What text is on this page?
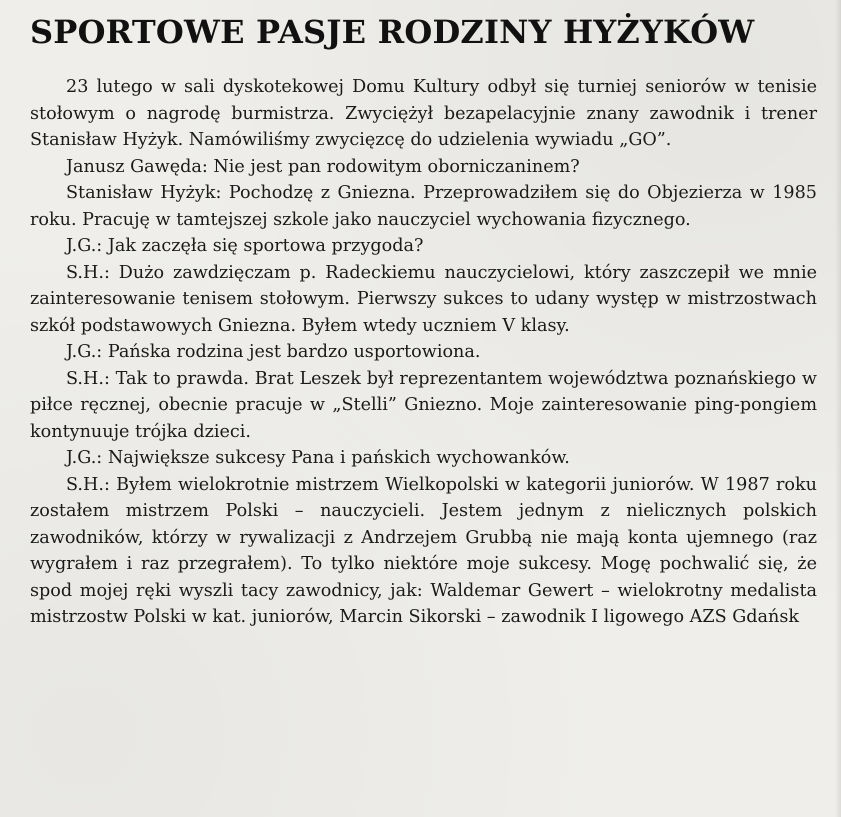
SPORTOWE PASJE RODZINY HYŻYKÓW

23 lutego w sali dyskotekowej Domu Kultury odbył się turniej seniorów w tenisie stołowym o nagrodę burmistrza. Zwyciężył bezapelacyjnie znany zawodnik i trener Stanisław Hyżyk. Namówiliśmy zwycięzcę do udzielenia wywiadu „GO”.

Janusz Gawęda: Nie jest pan rodowitym oborniczaninem?

Stanisław Hyżyk: Pochodzę z Gniezna. Przeprowadziłem się do Objezierza w 1985 roku. Pracuję w tamtejszej szkole jako nauczyciel wychowania fizycznego.

J.G.: Jak zaczęła się sportowa przygoda?

S.H.: Dużo zawdzięczam p. Radeckiemu nauczycielowi, który zaszczepił we mnie zainteresowanie tenisem stołowym. Pierwszy sukces to udany występ w mistrzostwach szkół podstawowych Gniezna. Byłem wtedy uczniem V klasy.

J.G.: Pańska rodzina jest bardzo usportowiona.

S.H.: Tak to prawda. Brat Leszek był reprezentantem województwa poznańskiego w piłce ręcznej, obecnie pracuje w „Stelli” Gniezno. Moje zainteresowanie ping-pongiem kontynuuje trójka dzieci.

J.G.: Największe sukcesy Pana i pańskich wychowanków.

S.H.: Byłem wielokrotnie mistrzem Wielkopolski w kategorii juniorów. W 1987 roku zostałem mistrzem Polski – nauczycieli. Jestem jednym z nielicznych polskich zawodników, którzy w rywalizacji z Andrzejem Grubbą nie mają konta ujemnego (raz wygrałem i raz przegrałem). To tylko niektóre moje sukcesy. Mogę pochwalić się, że spod mojej ręki wyszli tacy zawodnicy, jak: Waldemar Gewert – wielokrotny medalista mistrzostw Polski w kat. juniorów, Marcin Sikorski – zawodnik I ligowego AZS Gdańsk
